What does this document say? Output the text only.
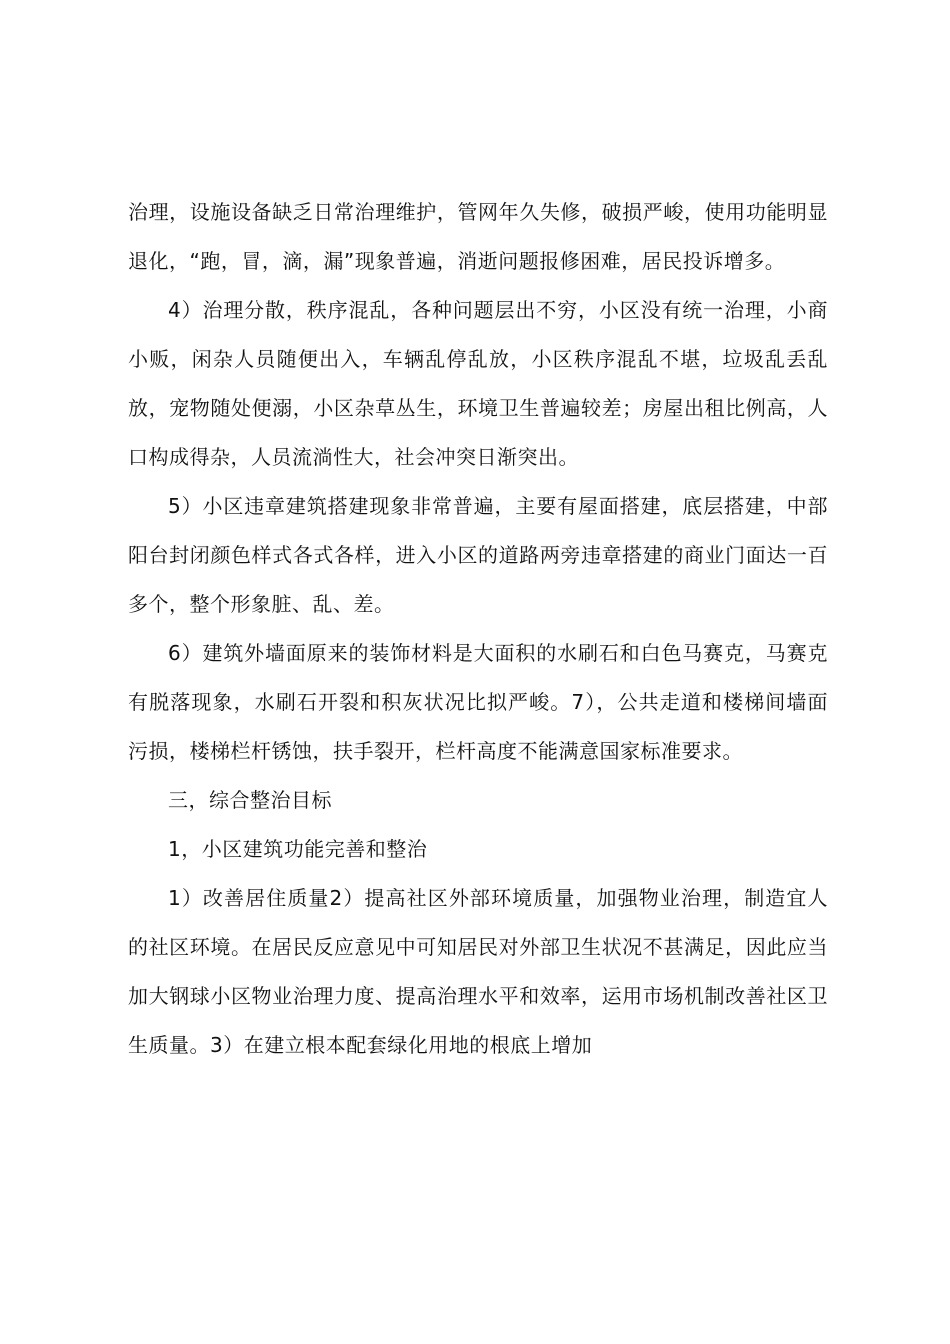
治理，设施设备缺乏日常治理维护，管网年久失修，破损严峻，使用功能明显退化，“跑，冒，滴，漏”现象普遍，消逝问题报修困难，居民投诉增多。

4）治理分散，秩序混乱，各种问题层出不穷，小区没有统一治理，小商小贩，闲杂人员随便出入，车辆乱停乱放，小区秩序混乱不堪，垃圾乱丢乱放，宠物随处便溺，小区杂草丛生，环境卫生普遍较差；房屋出租比例高，人口构成得杂，人员流淌性大，社会冲突日渐突出。

5）小区违章建筑搭建现象非常普遍，主要有屋面搭建，底层搭建，中部阳台封闭颜色样式各式各样，进入小区的道路两旁违章搭建的商业门面达一百多个，整个形象脏、乱、差。

6）建筑外墙面原来的装饰材料是大面积的水刷石和白色马赛克，马赛克有脱落现象，水刷石开裂和积灰状况比拟严峻。7），公共走道和楼梯间墙面污损，楼梯栏杆锈蚀，扶手裂开，栏杆高度不能满意国家标准要求。

三，综合整治目标

1，小区建筑功能完善和整治

1）改善居住质量2）提高社区外部环境质量，加强物业治理，制造宜人的社区环境。在居民反应意见中可知居民对外部卫生状况不甚满足，因此应当加大钢球小区物业治理力度、提高治理水平和效率，运用市场机制改善社区卫生质量。3）在建立根本配套绿化用地的根底上增加
